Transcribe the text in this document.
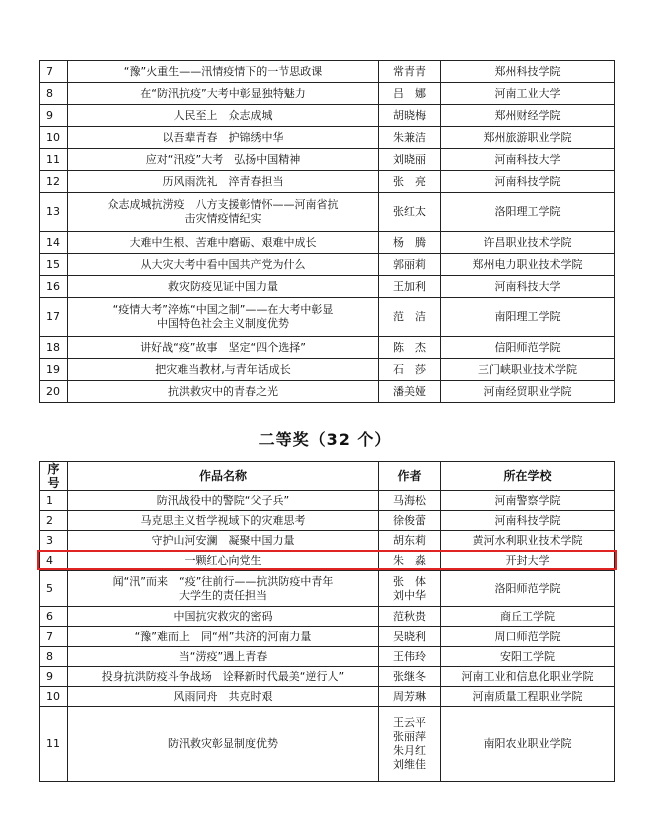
7	“豫”火重生——汛情疫情下的一节思政课	常青青	郑州科技学院
8	在“防汛抗疫”大考中彰显独特魅力	吕　娜	河南工业大学
9	人民至上　众志成城	胡晓梅	郑州财经学院
10	以吾辈青春　护锦绣中华	朱兼洁	郑州旅游职业学院
11	应对“汛疫”大考　弘扬中国精神	刘晓丽	河南科技大学
12	历风雨洗礼　淬青春担当	张　亮	河南科技学院
13	众志成城抗涝疫　八方支援彰情怀——河南省抗
击灾情疫情纪实	张红太	洛阳理工学院
14	大难中生根、苦难中磨砺、艰难中成长	杨　腾	许昌职业技术学院
15	从大灾大考中看中国共产党为什么	郭丽莉	郑州电力职业技术学院
16	救灾防疫见证中国力量	王加利	河南科技大学
17	“疫情大考”淬炼“中国之制”——在大考中彰显
中国特色社会主义制度优势	范　洁	南阳理工学院
18	讲好战“疫”故事　坚定“四个选择”	陈　杰	信阳师范学院
19	把灾难当教材,与青年话成长	石　莎	三门峡职业技术学院
20	抗洪救灾中的青春之光	潘美娅	河南经贸职业学院
二等奖（32 个）
序号	作品名称	作者	所在学校
1	防汛战役中的警院“父子兵”	马海松	河南警察学院
2	马克思主义哲学视域下的灾难思考	徐俊蕾	河南科技学院
3	守护山河安澜　凝聚中国力量	胡东莉	黄河水利职业技术学院
4	一颗红心向党生	朱　淼	开封大学
5	闻“汛”而来　“疫”往前行——抗洪防疫中青年
大学生的责任担当	张　体
刘中华	洛阳师范学院
6	中国抗灾救灾的密码	范秋贵	商丘工学院
7	“豫”难而上　同“州”共济的河南力量	吴晓利	周口师范学院
8	当“涝疫”遇上青春	王伟玲	安阳工学院
9	投身抗洪防疫斗争战场　诠释新时代最美“逆行人”	张继冬	河南工业和信息化职业学院
10	风雨同舟　共克时艰	周芳琳	河南质量工程职业学院
11	防汛救灾彰显制度优势	王云平
张丽萍
朱月红
刘维佳	南阳农业职业学院
